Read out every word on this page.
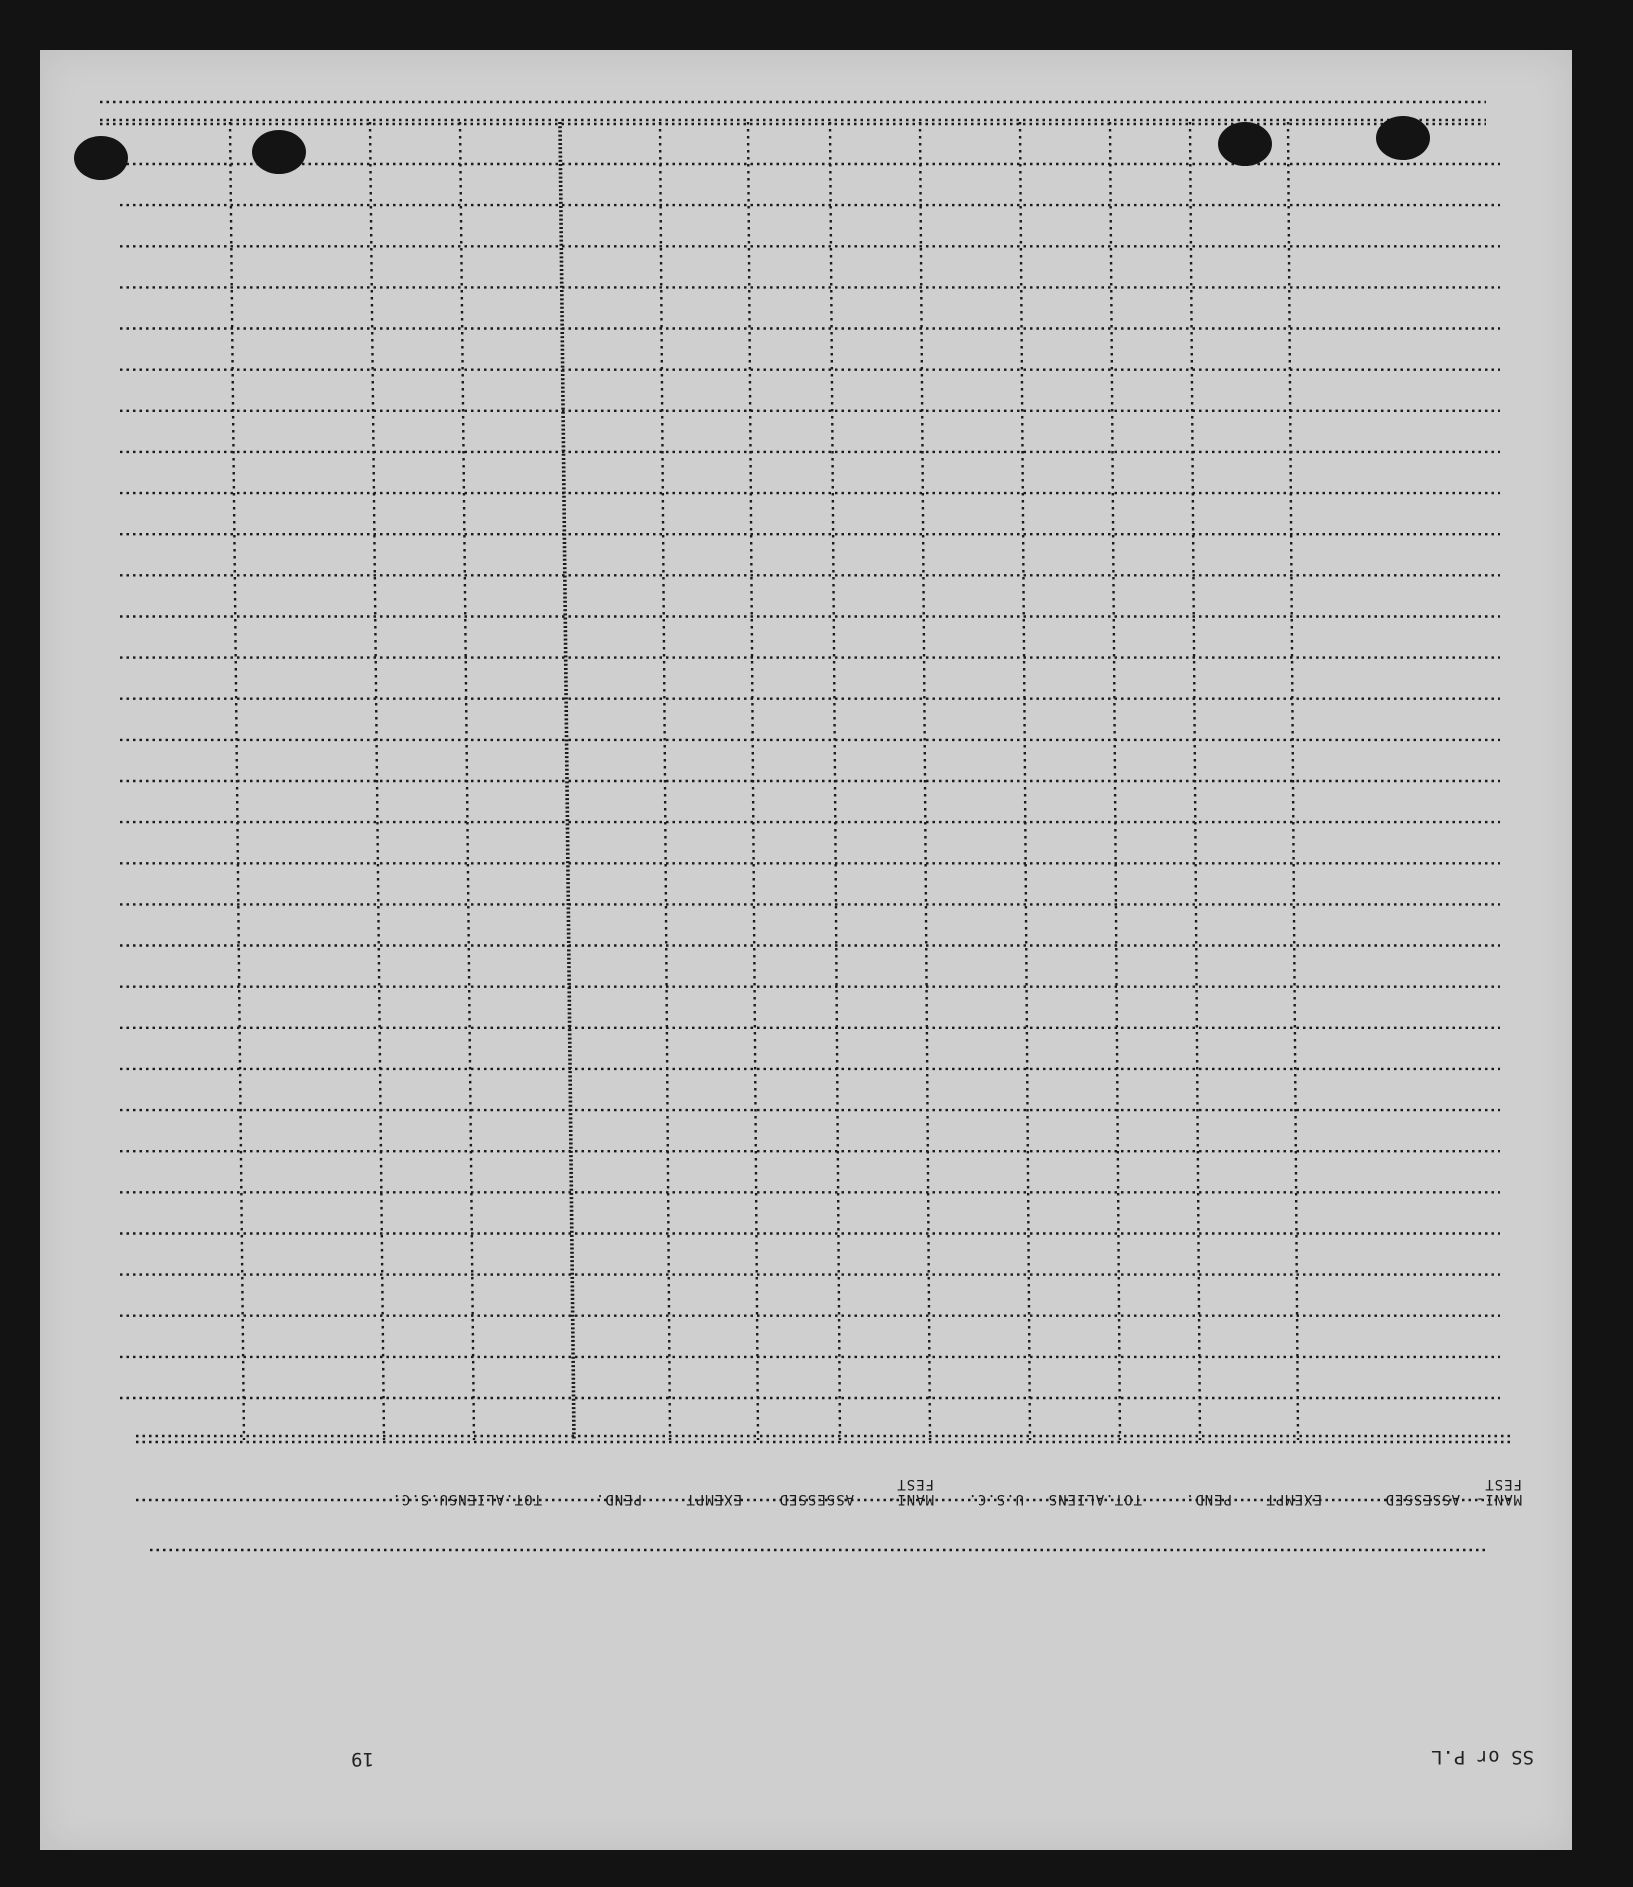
SS or P.L
19
MANI-
FEST
ASSESSED
EXEMPT
PEND.
TOT.ALIENS
U.S.C.
MANI-
FEST
ASSESSED
EXEMPT
PEND.
TOT.ALIENS
U.S.C.
